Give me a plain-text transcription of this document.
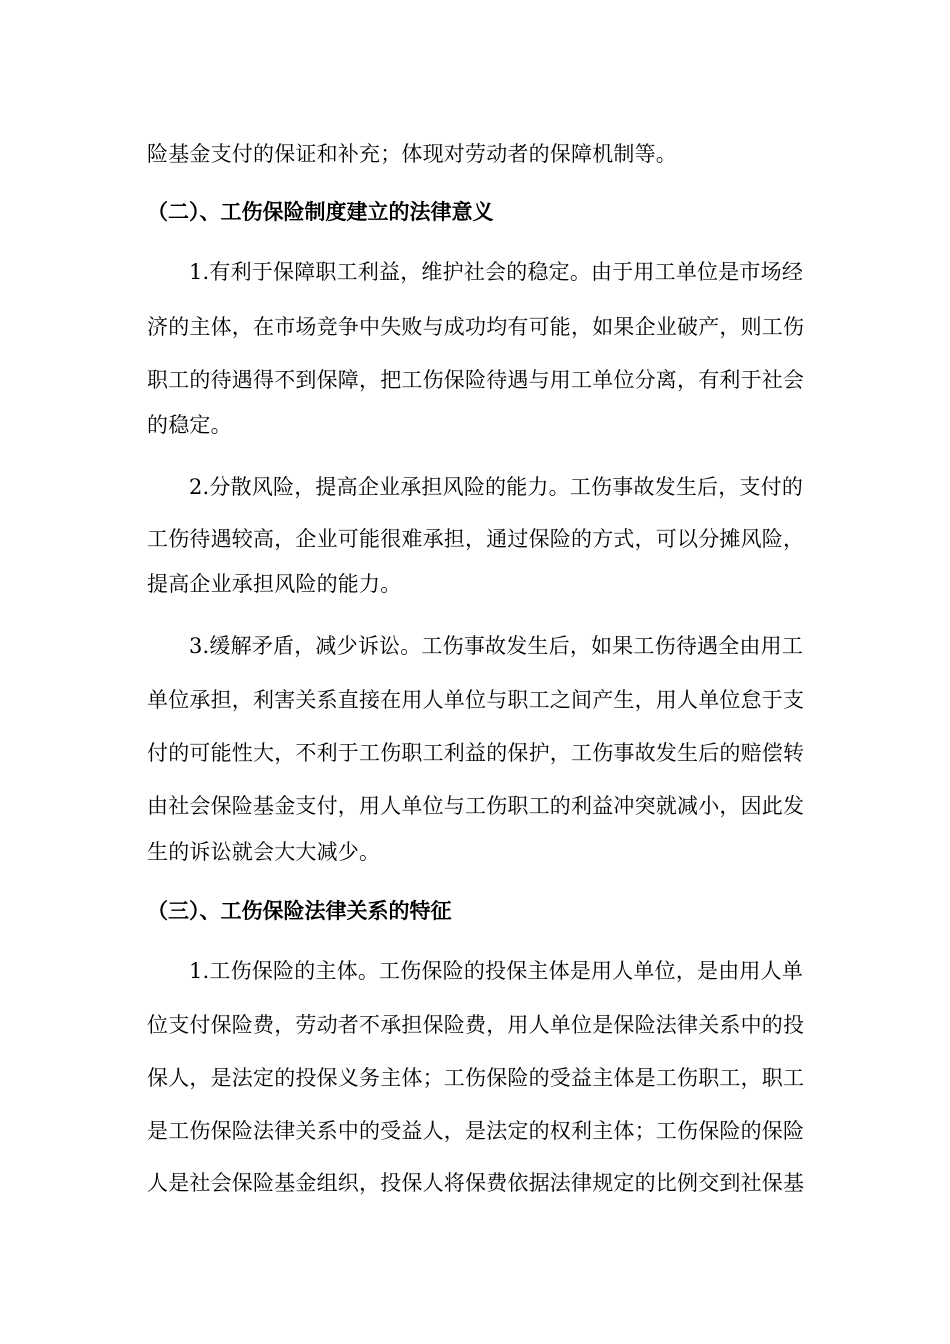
险基金支付的保证和补充；体现对劳动者的保障机制等。
（二）、工伤保险制度建立的法律意义
1.有利于保障职工利益，维护社会的稳定。由于用工单位是市场经
济的主体，在市场竞争中失败与成功均有可能，如果企业破产，则工伤
职工的待遇得不到保障，把工伤保险待遇与用工单位分离，有利于社会
的稳定。
2.分散风险，提高企业承担风险的能力。工伤事故发生后，支付的
工伤待遇较高，企业可能很难承担，通过保险的方式，可以分摊风险，
提高企业承担风险的能力。
3.缓解矛盾，减少诉讼。工伤事故发生后，如果工伤待遇全由用工
单位承担，利害关系直接在用人单位与职工之间产生，用人单位怠于支
付的可能性大，不利于工伤职工利益的保护，工伤事故发生后的赔偿转
由社会保险基金支付，用人单位与工伤职工的利益冲突就减小，因此发
生的诉讼就会大大减少。
（三）、工伤保险法律关系的特征
1.工伤保险的主体。工伤保险的投保主体是用人单位，是由用人单
位支付保险费，劳动者不承担保险费，用人单位是保险法律关系中的投
保人，是法定的投保义务主体；工伤保险的受益主体是工伤职工，职工
是工伤保险法律关系中的受益人，是法定的权利主体；工伤保险的保险
人是社会保险基金组织，投保人将保费依据法律规定的比例交到社保基
